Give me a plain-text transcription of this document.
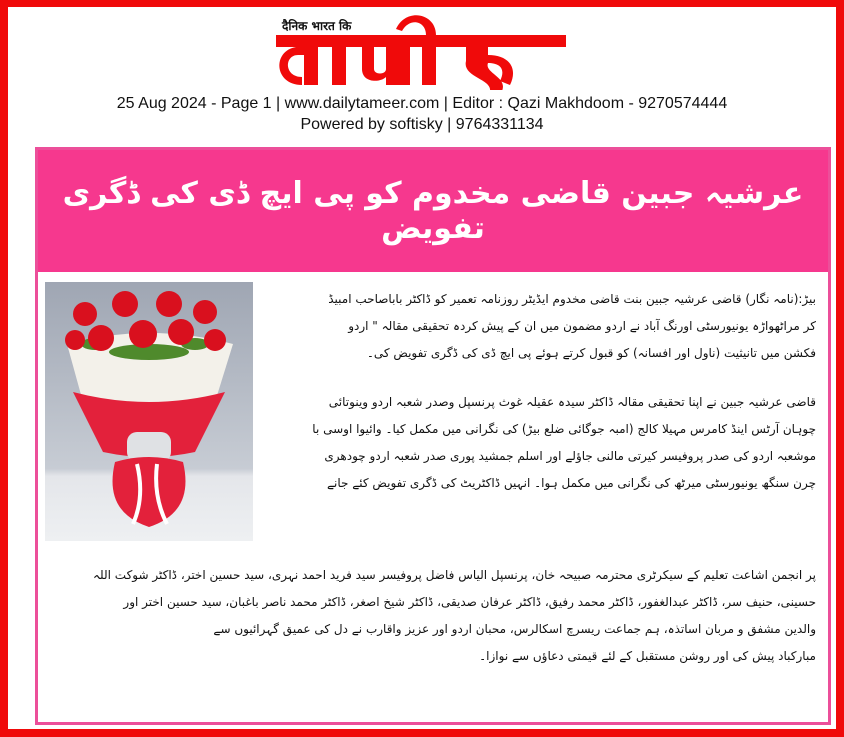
दैनिक भारत कि
25 Aug 2024 - Page 1 | www.dailytameer.com | Editor : Qazi Makhdoom - 9270574444
Powered by softisky | 9764331134
عرشیہ جبین قاضی مخدوم کو پی ایچ ڈی کی ڈگری تفویض
بیڑ:(نامہ نگار) قاضی عرشیہ جبین بنت قاضی مخدوم ایڈیٹر روزنامہ تعمیر کو ڈاکٹر باباصاحب امبیڈ
کر مراٹھواڑہ یونیورسٹی اورنگ آباد نے اردو مضمون میں ان کے پیش کردہ تحقیقی مقالہ " اردو
فکشن میں تانیثیت (ناول اور افسانہ) کو قبول کرتے ہوئے پی ایچ ڈی کی ڈگری تفویض کی۔
قاضی عرشیہ جبین نے اپنا تحقیقی مقالہ ڈاکٹر سیدہ عقیلہ غوث پرنسپل وصدر شعبہ اردو وینوتائی
چوہان آرٹس اینڈ کامرس مہیلا کالج (امبہ جوگائی ضلع بیڑ) کی نگرانی میں مکمل کیا۔ وائیوا اوسی با
موشعبہ اردو کی صدر پروفیسر کیرتی مالنی جاؤلے اور اسلم جمشید پوری صدر شعبہ اردو چودھری
چرن سنگھ یونیورسٹی میرٹھ کی نگرانی میں مکمل ہوا۔ انہیں ڈاکٹریٹ کی ڈگری تفویض کئے جانے
پر انجمن اشاعت تعلیم کے سیکرٹری محترمہ صبیحہ خان، پرنسپل الیاس فاضل پروفیسر سید فرید احمد نہری، سید حسین اختر، ڈاکٹر شوکت اللہ
حسینی، حنیف سر، ڈاکٹر عبدالغفور، ڈاکٹر محمد رفیق، ڈاکٹر عرفان صدیقی، ڈاکٹر شیخ اصغر، ڈاکٹر محمد ناصر باغبان، سید حسین اختر اور
والدین مشفق و مربان اساتذہ، ہم جماعت ریسرچ اسکالرس، محبان اردو اور عزیز واقارب نے دل کی عمیق گہرائیوں سے
مبارکباد پیش کی اور روشن مستقبل کے لئے قیمتی دعاؤں سے نوازا۔
